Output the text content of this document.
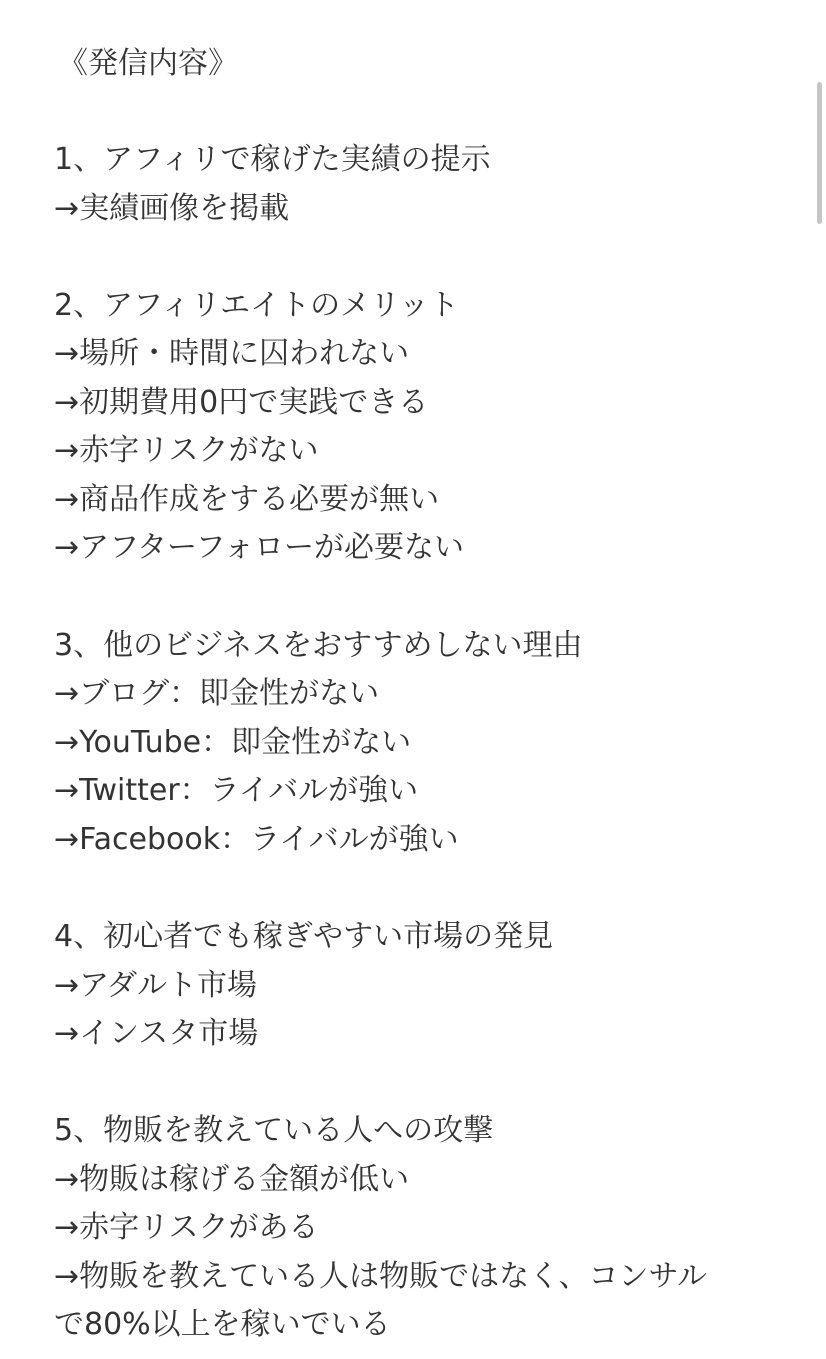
《発信内容》
1、アフィリで稼げた実績の提示
→実績画像を掲載
2、アフィリエイトのメリット
→場所・時間に囚われない
→初期費用0円で実践できる
→赤字リスクがない
→商品作成をする必要が無い
→アフターフォローが必要ない
3、他のビジネスをおすすめしない理由
→ブログ：即金性がない
→YouTube：即金性がない
→Twitter：ライバルが強い
→Facebook：ライバルが強い
4、初心者でも稼ぎやすい市場の発見
→アダルト市場
→インスタ市場
5、物販を教えている人への攻撃
→物販は稼げる金額が低い
→赤字リスクがある
→物販を教えている人は物販ではなく、コンサル
で80%以上を稼いでいる
